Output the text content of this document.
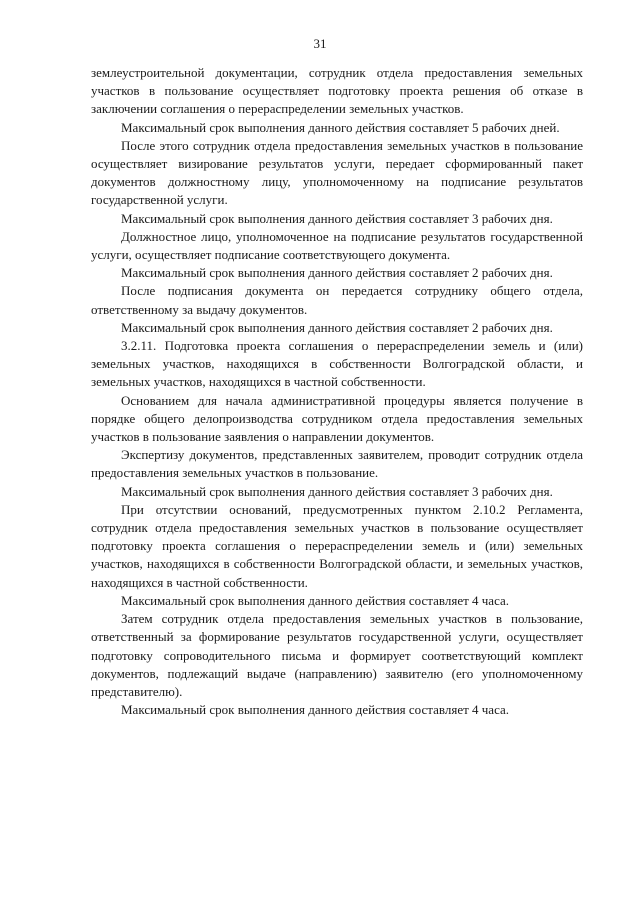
31

землеустроительной документации, сотрудник отдела предоставления земельных участков в пользование осуществляет подготовку проекта решения об отказе в заключении соглашения о перераспределении земельных участков.

Максимальный срок выполнения данного действия составляет 5 рабочих дней.

После этого сотрудник отдела предоставления земельных участков в пользование осуществляет визирование результатов услуги, передает сформированный пакет документов должностному лицу, уполномоченному на подписание результатов государственной услуги.

Максимальный срок выполнения данного действия составляет 3 рабочих дня.

Должностное лицо, уполномоченное на подписание результатов государственной услуги, осуществляет подписание соответствующего документа.

Максимальный срок выполнения данного действия составляет 2 рабочих дня.

После подписания документа он передается сотруднику общего отдела, ответственному за выдачу документов.

Максимальный срок выполнения данного действия составляет 2 рабочих дня.

3.2.11. Подготовка проекта соглашения о перераспределении земель и (или) земельных участков, находящихся в собственности Волгоградской области, и земельных участков, находящихся в частной собственности.

Основанием для начала административной процедуры является получение в порядке общего делопроизводства сотрудником отдела предоставления земельных участков в пользование заявления о направлении документов.

Экспертизу документов, представленных заявителем, проводит сотрудник отдела предоставления земельных участков в пользование.

Максимальный срок выполнения данного действия составляет 3 рабочих дня.

При отсутствии оснований, предусмотренных пунктом 2.10.2 Регламента, сотрудник отдела предоставления земельных участков в пользование осуществляет подготовку проекта соглашения о перераспределении земель и (или) земельных участков, находящихся в собственности Волгоградской области, и земельных участков, находящихся в частной собственности.

Максимальный срок выполнения данного действия составляет 4 часа.

Затем сотрудник отдела предоставления земельных участков в пользование, ответственный за формирование результатов государственной услуги, осуществляет подготовку сопроводительного письма и формирует соответствующий комплект документов, подлежащий выдаче (направлению) заявителю (его уполномоченному представителю).

Максимальный срок выполнения данного действия составляет 4 часа.
